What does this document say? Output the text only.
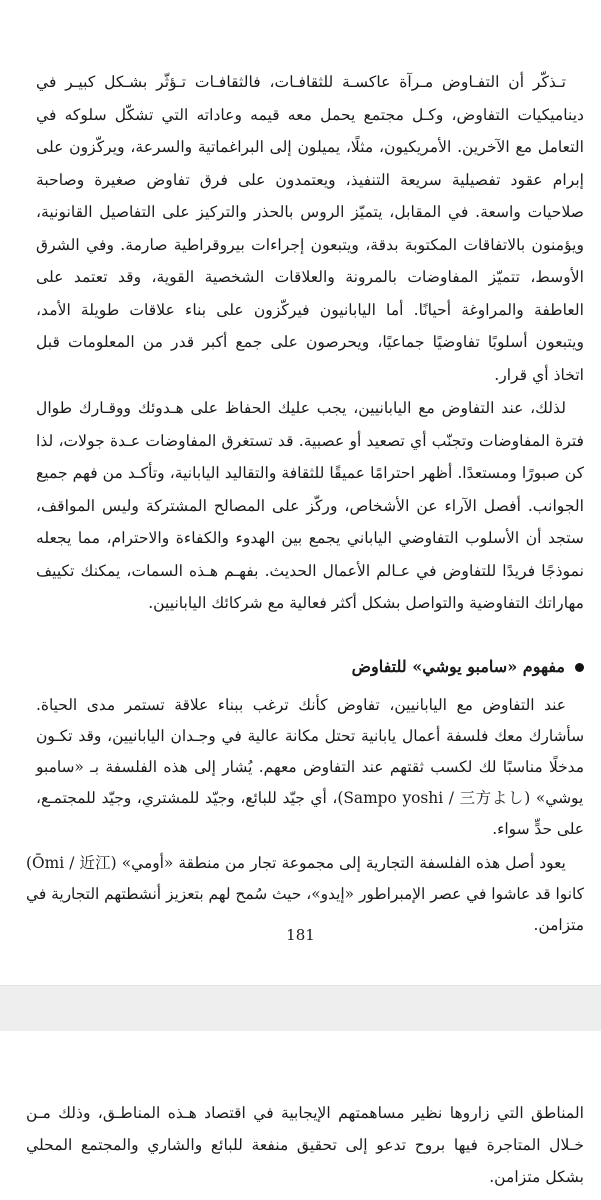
تـذكّر أن التفـاوض مـرآة عاكسـة للثقافـات، فالثقافـات تـؤثّر بشـكل كبيـر في ديناميكيات التفاوض، وكـل مجتمع يحمل معه قيمه وعاداته التي تشكّل سلوكه في التعامل مع الآخرين. الأمريكيون، مثلًا، يميلون إلى البراغماتية والسرعة، ويركّزون على إبرام عقود تفصيلية سريعة التنفيذ، ويعتمدون على فرق تفاوض صغيرة وصاحبة صلاحيات واسعة. في المقابل، يتميّز الروس بالحذر والتركيز على التفاصيل القانونية، ويؤمنون بالاتفاقات المكتوبة بدقة، ويتبعون إجراءات بيروقراطية صارمة. وفي الشرق الأوسط، تتميّز المفاوضات بالمرونة والعلاقات الشخصية القوية، وقد تعتمد على العاطفة والمراوغة أحيانًا. أما اليابانيون فيركّزون على بناء علاقات طويلة الأمد، ويتبعون أسلوبًا تفاوضيًا جماعيًا، ويحرصون على جمع أكبر قدر من المعلومات قبل اتخاذ أي قرار.

لذلك، عند التفاوض مع اليابانيين، يجب عليك الحفاظ على هـدوئك ووقـارك طوال فترة المفاوضات وتجنّب أي تصعيد أو عصبية. قد تستغرق المفاوضات عـدة جولات، لذا كن صبورًا ومستعدًا. أظهر احترامًا عميقًا للثقافة والتقاليد اليابانية، وتأكـد من فهم جميع الجوانب. أفصل الآراء عن الأشخاص، وركّز على المصالح المشتركة وليس المواقف، ستجد أن الأسلوب التفاوضي الياباني يجمع بين الهدوء والكفاءة والاحترام، مما يجعله نموذجًا فريدًا للتفاوض في عـالم الأعمال الحديث. بفهـم هـذه السمات، يمكنك تكييف مهاراتك التفاوضية والتواصل بشكل أكثر فعالية مع شركائك اليابانيين.

مفهوم «سامبو يوشي» للتفاوض

عند التفاوض مع اليابانيين، تفاوض كأنك ترغب ببناء علاقة تستمر مدى الحياة. سأشارك معك فلسفة أعمال يابانية تحتل مكانة عالية في وجـدان اليابانيين، وقد تكـون مدخلًا مناسبًا لك لكسب ثقتهم عند التفاوض معهم. يُشار إلى هذه الفلسفة بـ «سامبو يوشي» (Sampo yoshi / 三方よし)، أي جيّد للبائع، وجيّد للمشتري، وجيّد للمجتمـع، على حدٍّ سواء.

يعود أصل هذه الفلسفة التجارية إلى مجموعة تجار من منطقة «أومي» (Ōmi / 近江) كانوا قد عاشوا في عصر الإمبراطور «إيدو»، حيث سُمح لهم بتعزيز أنشطتهم التجارية في متزامن.

181

المناطق التي زاروها نظير مساهمتهم الإيجابية في اقتصاد هـذه المناطـق، وذلك مـن خـلال المتاجرة فيها بروح تدعو إلى تحقيق منفعة للبائع والشاري والمجتمع المحلي بشكل متزامن.
